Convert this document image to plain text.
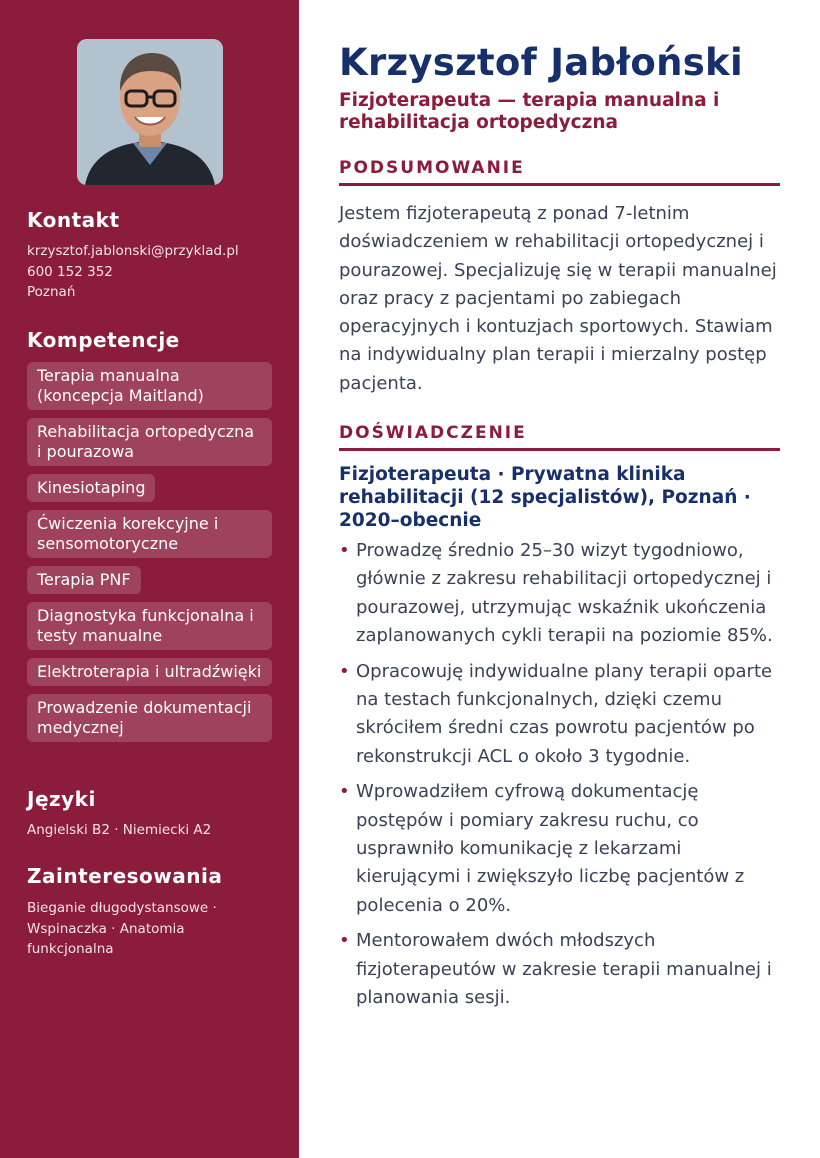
Kontakt
krzysztof.jablonski@przyklad.pl
600 152 352
Poznań
Kompetencje
Terapia manualna (koncepcja Maitland)
Rehabilitacja ortopedyczna i pourazowa
Kinesiotaping
Ćwiczenia korekcyjne i sensomotoryczne
Terapia PNF
Diagnostyka funkcjonalna i testy manualne
Elektroterapia i ultradźwięki
Prowadzenie dokumentacji medycznej
Języki
Angielski B2 · Niemiecki A2
Zainteresowania
Bieganie długodystansowe · Wspinaczka · Anatomia funkcjonalna
Krzysztof Jabłoński
Fizjoterapeuta — terapia manualna i rehabilitacja ortopedyczna
PODSUMOWANIE

Jestem fizjoterapeutą z ponad 7-letnim doświadczeniem w rehabilitacji ortopedycznej i pourazowej. Specjalizuję się w terapii manualnej oraz pracy z pacjentami po zabiegach operacyjnych i kontuzjach sportowych. Stawiam na indywidualny plan terapii i mierzalny postęp pacjenta.

DOŚWIADCZENIE
Fizjoterapeuta · Prywatna klinika rehabilitacji (12 specjalistów), Poznań · 2020–obecnie
• Prowadzę średnio 25–30 wizyt tygodniowo, głównie z zakresu rehabilitacji ortopedycznej i pourazowej, utrzymując wskaźnik ukończenia zaplanowanych cykli terapii na poziomie 85%.
• Opracowuję indywidualne plany terapii oparte na testach funkcjonalnych, dzięki czemu skróciłem średni czas powrotu pacjentów po rekonstrukcji ACL o około 3 tygodnie.
• Wprowadziłem cyfrową dokumentację postępów i pomiary zakresu ruchu, co usprawniło komunikację z lekarzami kierującymi i zwiększyło liczbę pacjentów z polecenia o 20%.
• Mentorowałem dwóch młodszych fizjoterapeutów w zakresie terapii manualnej i planowania sesji.
